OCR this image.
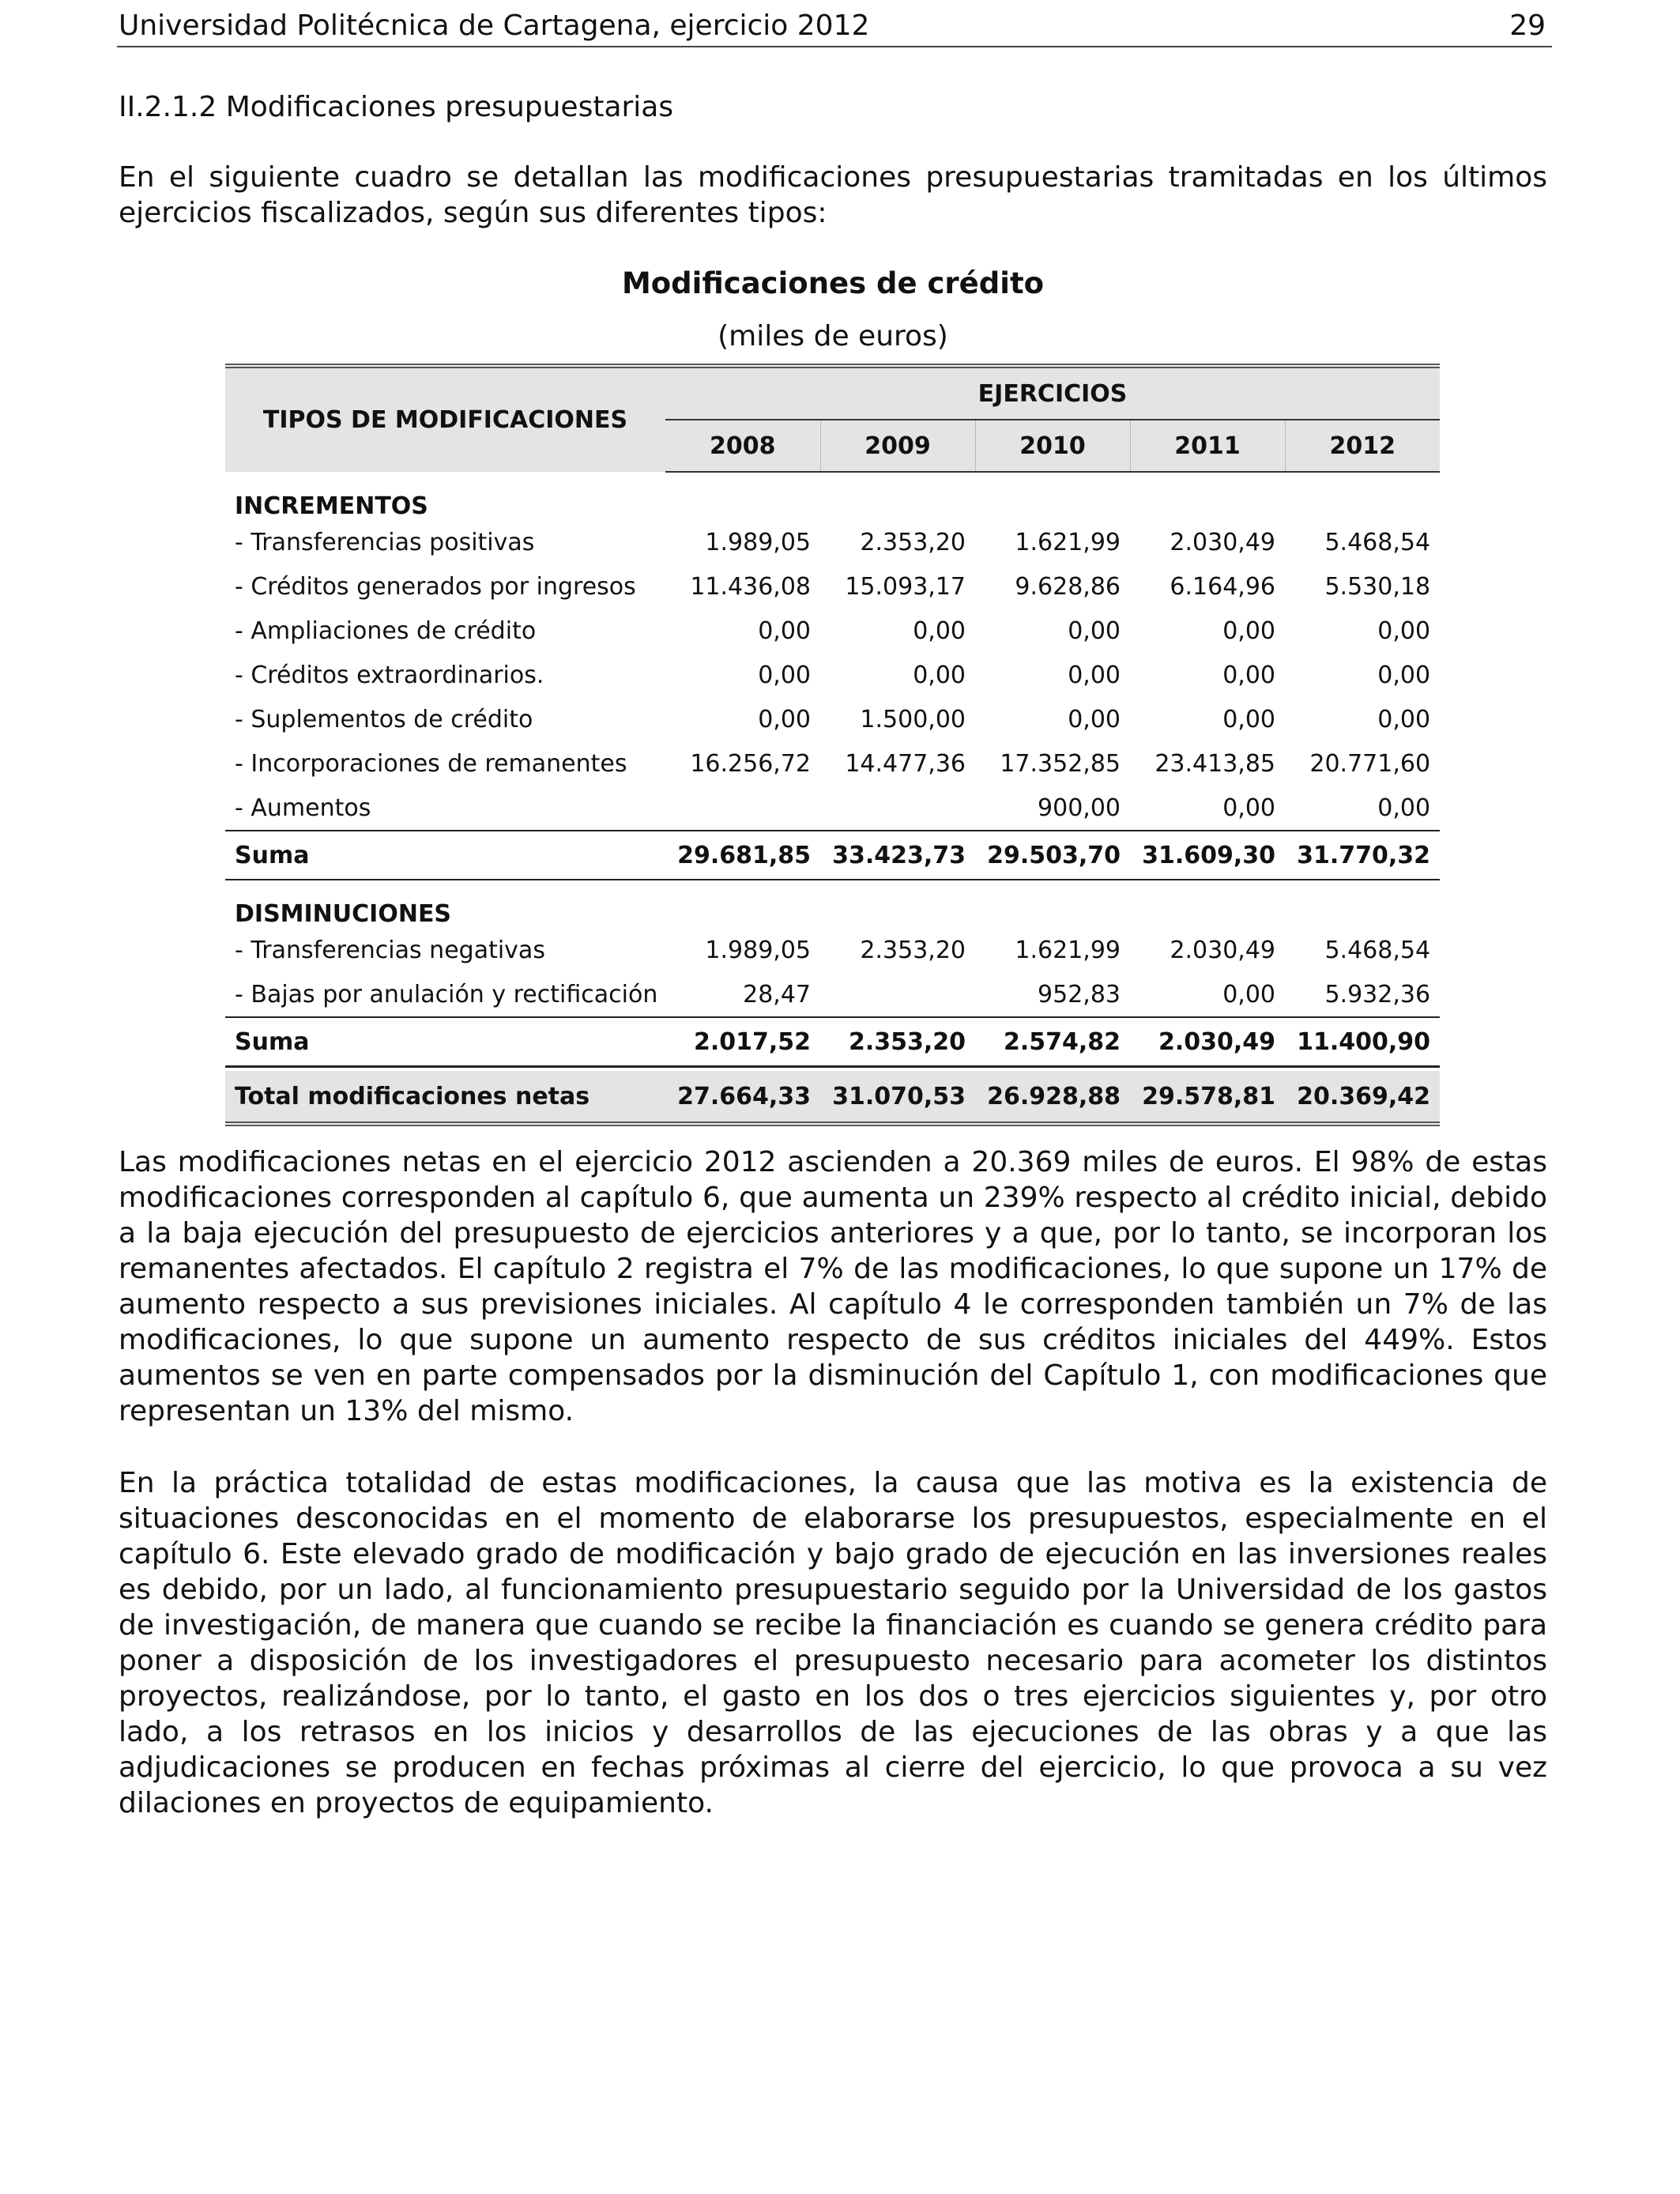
Universidad Politécnica de Cartagena, ejercicio 2012	29
II.2.1.2 Modificaciones presupuestarias
En el siguiente cuadro se detallan las modificaciones presupuestarias tramitadas en los últimos ejercicios fiscalizados, según sus diferentes tipos:
Modificaciones de crédito
(miles de euros)
TIPOS DE MODIFICACIONES	EJERCICIOS				
	2008	2009	2010	2011	2012
INCREMENTOS					
- Transferencias positivas	1.989,05	2.353,20	1.621,99	2.030,49	5.468,54
- Créditos generados por ingresos	11.436,08	15.093,17	9.628,86	6.164,96	5.530,18
- Ampliaciones de crédito	0,00	0,00	0,00	0,00	0,00
- Créditos extraordinarios.	0,00	0,00	0,00	0,00	0,00
- Suplementos de crédito	0,00	1.500,00	0,00	0,00	0,00
- Incorporaciones de remanentes	16.256,72	14.477,36	17.352,85	23.413,85	20.771,60
- Aumentos			900,00	0,00	0,00
Suma	29.681,85	33.423,73	29.503,70	31.609,30	31.770,32
DISMINUCIONES					
- Transferencias negativas	1.989,05	2.353,20	1.621,99	2.030,49	5.468,54
- Bajas por anulación y rectificación	28,47		952,83	0,00	5.932,36
Suma	2.017,52	2.353,20	2.574,82	2.030,49	11.400,90

Total modificaciones netas	27.664,33	31.070,53	26.928,88	29.578,81	20.369,42
Las modificaciones netas en el ejercicio 2012 ascienden a 20.369 miles de euros. El 98% de estas modificaciones corresponden al capítulo 6, que aumenta un 239% respecto al crédito inicial, debido a la baja ejecución del presupuesto de ejercicios anteriores y a que, por lo tanto, se incorporan los remanentes afectados. El capítulo 2 registra el 7% de las modificaciones, lo que supone un 17% de aumento respecto a sus previsiones iniciales. Al capítulo 4 le corresponden también un 7% de las modificaciones, lo que supone un aumento respecto de sus créditos iniciales del 449%. Estos aumentos se ven en parte compensados por la disminución del Capítulo 1, con modificaciones que representan un 13% del mismo.
En la práctica totalidad de estas modificaciones, la causa que las motiva es la existencia de situaciones desconocidas en el momento de elaborarse los presupuestos, especialmente en el capítulo 6. Este elevado grado de modificación y bajo grado de ejecución en las inversiones reales es debido, por un lado, al funcionamiento presupuestario seguido por la Universidad de los gastos de investigación, de manera que cuando se recibe la financiación es cuando se genera crédito para poner a disposición de los investigadores el presupuesto necesario para acometer los distintos proyectos, realizándose, por lo tanto, el gasto en los dos o tres ejercicios siguientes y, por otro lado, a los retrasos en los inicios y desarrollos de las ejecuciones de las obras y a que las adjudicaciones se producen en fechas próximas al cierre del ejercicio, lo que provoca a su vez dilaciones en proyectos de equipamiento.
